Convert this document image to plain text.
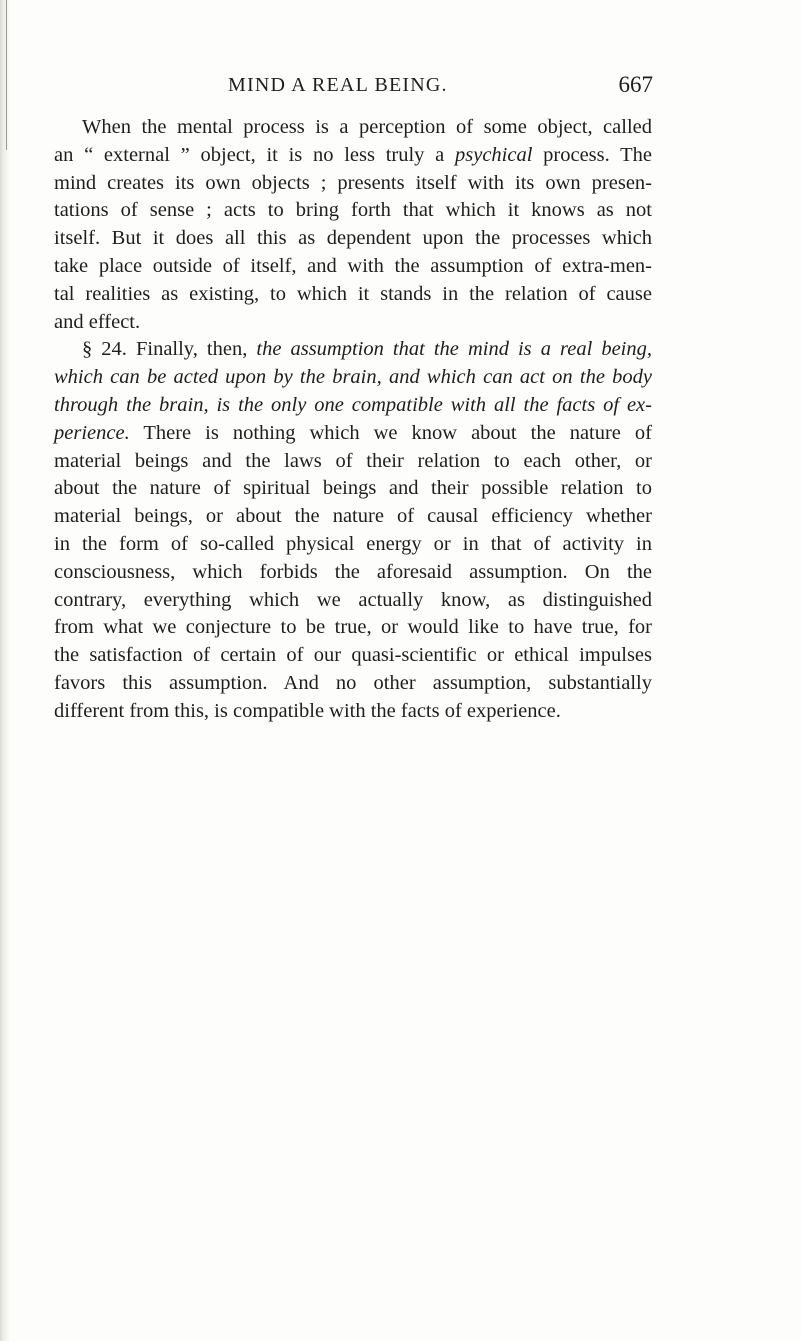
MIND A REAL BEING.	667
When the mental process is a perception of some object, called
an “ external ” object, it is no less truly a psychical process. The
mind creates its own objects ; presents itself with its own presen-
tations of sense ; acts to bring forth that which it knows as not
itself. But it does all this as dependent upon the processes which
take place outside of itself, and with the assumption of extra-men-
tal realities as existing, to which it stands in the relation of cause
and effect.
§ 24. Finally, then, the assumption that the mind is a real being,
which can be acted upon by the brain, and which can act on the body
through the brain, is the only one compatible with all the facts of ex-
perience. There is nothing which we know about the nature of
material beings and the laws of their relation to each other, or
about the nature of spiritual beings and their possible relation to
material beings, or about the nature of causal efficiency whether
in the form of so-called physical energy or in that of activity in
consciousness, which forbids the aforesaid assumption. On the
contrary, everything which we actually know, as distinguished
from what we conjecture to be true, or would like to have true, for
the satisfaction of certain of our quasi-scientific or ethical impulses
favors this assumption. And no other assumption, substantially
different from this, is compatible with the facts of experience.
